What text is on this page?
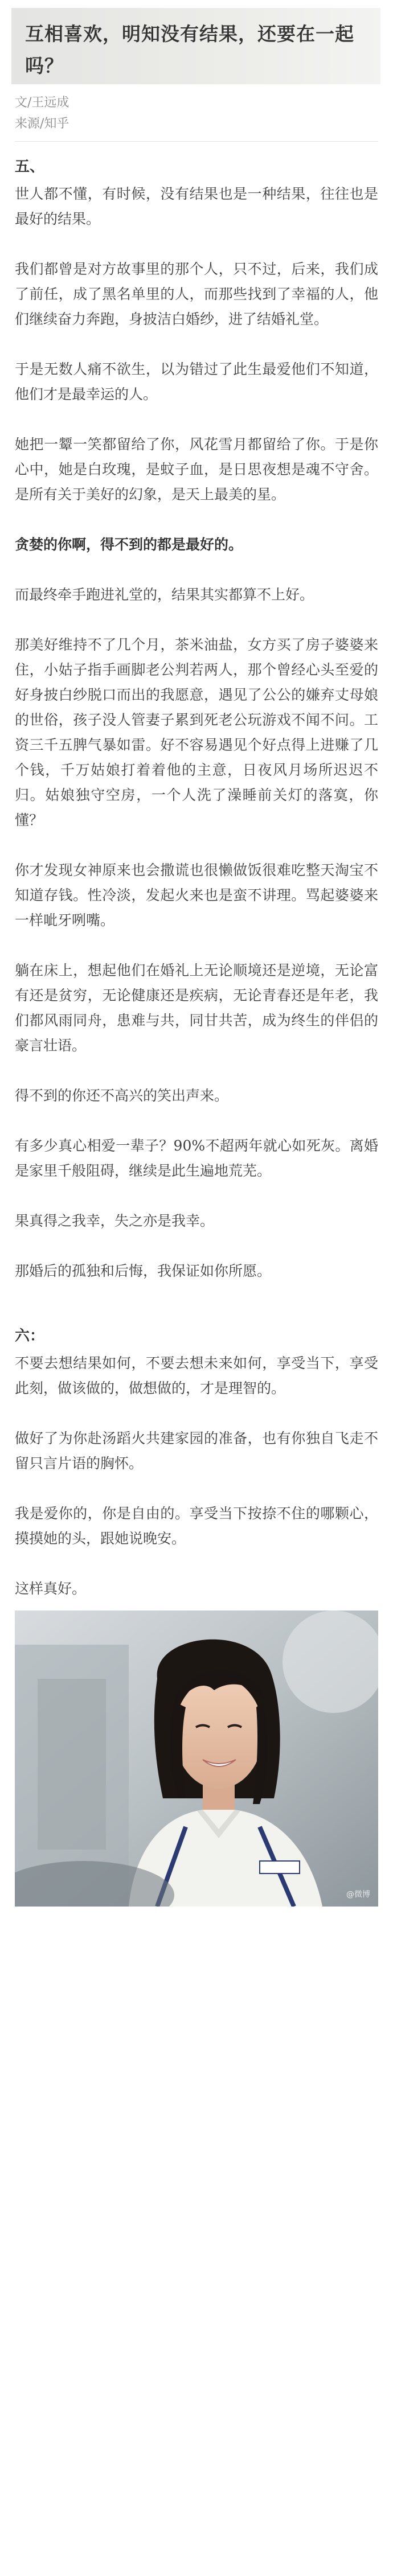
互相喜欢，明知没有结果，还要在一起吗？
文/王远成
来源/知乎
五、

世人都不懂，有时候，没有结果也是一种结果，往往也是最好的结果。

我们都曾是对方故事里的那个人，只不过，后来，我们成了前任，成了黑名单里的人，而那些找到了幸福的人，他们继续奋力奔跑，身披洁白婚纱，进了结婚礼堂。

于是无数人痛不欲生，以为错过了此生最爱他们不知道，他们才是最幸运的人。

她把一颦一笑都留给了你，风花雪月都留给了你。于是你心中，她是白玫瑰，是蚊子血，是日思夜想是魂不守舍。是所有关于美好的幻象，是天上最美的星。

贪婪的你啊，得不到的都是最好的。

而最终牵手跑进礼堂的，结果其实都算不上好。

那美好维持不了几个月，茶米油盐，女方买了房子婆婆来住，小姑子指手画脚老公判若两人，那个曾经心头至爱的好身披白纱脱口而出的我愿意，遇见了公公的嫌弃丈母娘的世俗，孩子没人管妻子累到死老公玩游戏不闻不问。工资三千五脾气暴如雷。好不容易遇见个好点得上进赚了几个钱，千万姑娘打着着他的主意，日夜风月场所迟迟不归。姑娘独守空房，一个人洗了澡睡前关灯的落寞，你懂？

你才发现女神原来也会撒谎也很懒做饭很难吃整天淘宝不知道存钱。性冷淡，发起火来也是蛮不讲理。骂起婆婆来一样呲牙咧嘴。

躺在床上，想起他们在婚礼上无论顺境还是逆境，无论富有还是贫穷，无论健康还是疾病，无论青春还是年老，我们都风雨同舟，患难与共，同甘共苦，成为终生的伴侣的豪言壮语。

得不到的你还不高兴的笑出声来。

有多少真心相爱一辈子？90%不超两年就心如死灰。离婚是家里千般阻碍，继续是此生遍地荒芜。

果真得之我幸，失之亦是我幸。

那婚后的孤独和后悔，我保证如你所愿。

六：

不要去想结果如何，不要去想未来如何，享受当下，享受此刻，做该做的，做想做的，才是理智的。

做好了为你赴汤蹈火共建家园的准备，也有你独自飞走不留只言片语的胸怀。

我是爱你的，你是自由的。享受当下按捺不住的哪颗心，摸摸她的头，跟她说晚安。

这样真好。

@微博
